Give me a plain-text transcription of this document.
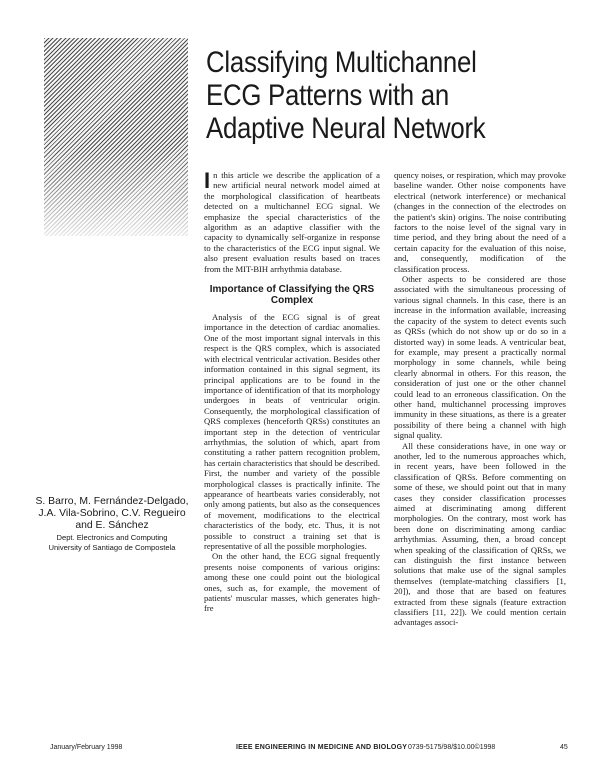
Classifying Multichannel ECG Patterns with an Adaptive Neural Network

In this article we describe the application of a new artificial neural network model aimed at the morphological classification of heartbeats detected on a multichannel ECG signal. We emphasize the special characteristics of the algorithm as an adaptive classifier with the capacity to dynamically self-organize in response to the characteristics of the ECG input signal. We also present evaluation results based on traces from the MIT-BIH arrhythmia database.

Importance of Classifying the QRS Complex

Analysis of the ECG signal is of great importance in the detection of cardiac anomalies. One of the most important signal intervals in this respect is the QRS complex, which is associated with electrical ventricular activation. Besides other information contained in this signal segment, its principal applications are to be found in the importance of identification of that its morphology undergoes in beats of ventricular origin. Consequently, the morphological classification of QRS complexes (henceforth QRSs) constitutes an important step in the detection of ventricular arrhythmias, the solution of which, apart from constituting a rather pattern recognition problem, has certain characteristics that should be described. First, the number and variety of the possible morphological classes is practically infinite. The appearance of heartbeats varies considerably, not only among patients, but also as the consequences of movement, modifications to the electrical characteristics of the body, etc. Thus, it is not possible to construct a training set that is representative of all the possible morphologies.

On the other hand, the ECG signal frequently presents noise components of various origins: among these one could point out the biological ones, such as, for example, the movement of patients' muscular masses, which generates high-fre

quency noises, or respiration, which may provoke baseline wander. Other noise components have electrical (network interference) or mechanical (changes in the connection of the electrodes on the patient's skin) origins. The noise contributing factors to the noise level of the signal vary in time period, and they bring about the need of a certain capacity for the evaluation of this noise, and, consequently, modification of the classification process.

Other aspects to be considered are those associated with the simultaneous processing of various signal channels. In this case, there is an increase in the information available, increasing the capacity of the system to detect events such as QRSs (which do not show up or do so in a distorted way) in some leads. A ventricular beat, for example, may present a practically normal morphology in some channels, while being clearly abnormal in others. For this reason, the consideration of just one or the other channel could lead to an erroneous classification. On the other hand, multichannel processing improves immunity in these situations, as there is a greater possibility of there being a channel with high signal quality.

All these considerations have, in one way or another, led to the numerous approaches which, in recent years, have been followed in the classification of QRSs. Before commenting on some of these, we should point out that in many cases they consider classification processes aimed at discriminating among different morphologies. On the contrary, most work has been done on discriminating among cardiac arrhythmias. Assuming, then, a broad concept when speaking of the classification of QRSs, we can distinguish the first instance between solutions that make use of the signal samples themselves (template-matching classifiers [1, 20]), and those that are based on features extracted from these signals (feature extraction classifiers [11, 22]). We could mention certain advantages associ-

S. Barro, M. Fernández-Delgado, J.A. Vila-Sobrino, C.V. Regueiro and E. Sánchez
Dept. Electronics and Computing
University of Santiago de Compostela
January/February 1998	IEEE ENGINEERING IN MEDICINE AND BIOLOGY 0739-5175/98/$10.00©1998	45
